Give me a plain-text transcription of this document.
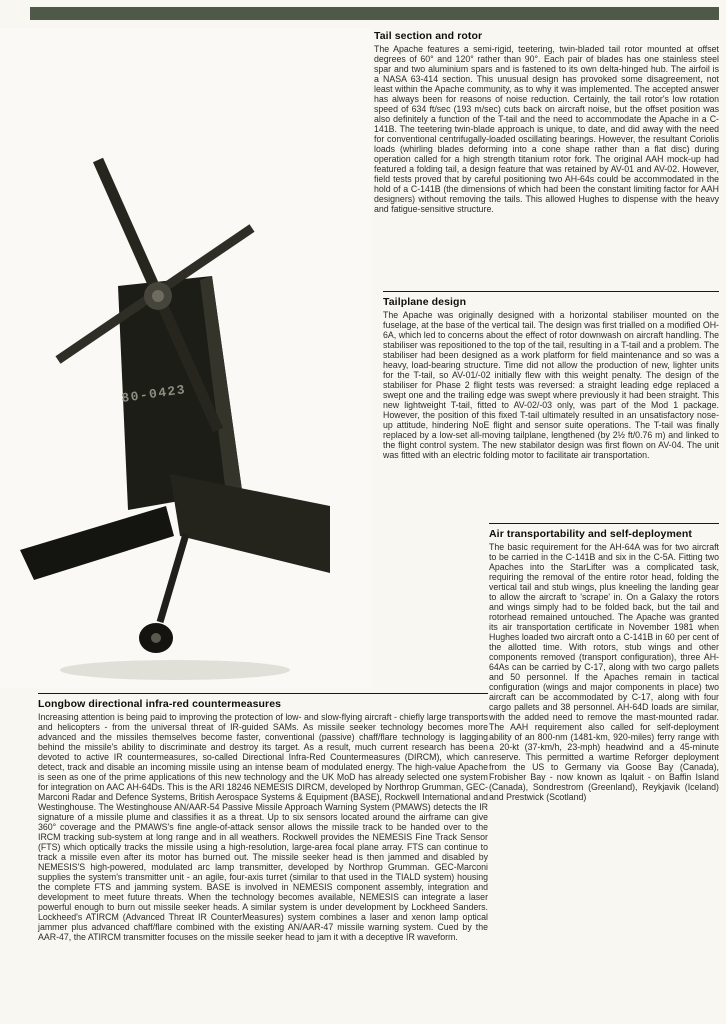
80-0423
Tail section and rotor

The Apache features a semi-rigid, teetering, twin-bladed tail rotor mounted at offset degrees of 60° and 120° rather than 90°. Each pair of blades has one stainless steel spar and two aluminium spars and is fastened to its own delta-hinged hub. The airfoil is a NASA 63-414 section. This unusual design has provoked some disagreement, not least within the Apache community, as to why it was implemented. The accepted answer has always been for reasons of noise reduction. Certainly, the tail rotor's low rotation speed of 634 ft/sec (193 m/sec) cuts back on aircraft noise, but the offset position was also definitely a function of the T-tail and the need to accommodate the Apache in a C-141B. The teetering twin-blade approach is unique, to date, and did away with the need for conventional centrifugally-loaded oscillating bearings. However, the resultant Coriolis loads (whirling blades deforming into a cone shape rather than a flat disc) during operation called for a high strength titanium rotor fork. The original AAH mock-up had featured a folding tail, a design feature that was retained by AV-01 and AV-02. However, field tests proved that by careful positioning two AH-64s could be accommodated in the hold of a C-141B (the dimensions of which had been the constant limiting factor for AAH designers) without removing the tails. This allowed Hughes to dispense with the heavy and fatigue-sensitive structure.

Tailplane design

The Apache was originally designed with a horizontal stabiliser mounted on the fuselage, at the base of the vertical tail. The design was first trialled on a modified OH-6A, which led to concerns about the effect of rotor downwash on aircraft handling. The stabiliser was repositioned to the top of the tail, resulting in a T-tail and a problem. The stabiliser had been designed as a work platform for field maintenance and so was a heavy, load-bearing structure. Time did not allow the production of new, lighter units for the T-tail, so AV-01/-02 initially flew with this weight penalty. The design of the stabiliser for Phase 2 flight tests was reversed: a straight leading edge replaced a swept one and the trailing edge was swept where previously it had been straight. This new lightweight T-tail, fitted to AV-02/-03 only, was part of the Mod 1 package. However, the position of this fixed T-tail ultimately resulted in an unsatisfactory nose-up attitude, hindering NoE flight and sensor suite operations. The T-tail was finally replaced by a low-set all-moving tailplane, lengthened (by 2½ ft/0.76 m) and linked to the flight control system. The new stabilator design was first flown on AV-04. The unit was fitted with an electric folding motor to facilitate air transportation.

Air transportability and self-deployment

The basic requirement for the AH-64A was for two aircraft to be carried in the C-141B and six in the C-5A. Fitting two Apaches into the StarLifter was a complicated task, requiring the removal of the entire rotor head, folding the vertical tail and stub wings, plus kneeling the landing gear to allow the aircraft to 'scrape' in. On a Galaxy the rotors and wings simply had to be folded back, but the tail and rotorhead remained untouched. The Apache was granted its air transportation certificate in November 1981 when Hughes loaded two aircraft onto a C-141B in 60 per cent of the allotted time. With rotors, stub wings and other components removed (transport configuration), three AH-64As can be carried by C-17, along with two cargo pallets and 50 personnel. If the Apaches remain in tactical configuration (wings and major components in place) two aircraft can be accommodated by C-17, along with four cargo pallets and 38 personnel. AH-64D loads are similar, with the added need to remove the mast-mounted radar. The AAH requirement also called for self-deployment ability of an 800-nm (1481-km, 920-miles) ferry range with a 20-kt (37-km/h, 23-mph) headwind and a 45-minute reserve. This permitted a wartime Reforger deployment from the US to Germany via Goose Bay (Canada), Frobisher Bay - now known as Iqaluit - on Baffin Island (Canada), Sondrestrom (Greenland), Reykjavik (Iceland) and Prestwick (Scotland)

Longbow directional infra-red countermeasures

Increasing attention is being paid to improving the protection of low- and slow-flying aircraft - chiefly large transports and helicopters - from the universal threat of IR-guided SAMs. As missile seeker technology becomes more advanced and the missiles themselves become faster, conventional (passive) chaff/flare technology is lagging behind the missile's ability to discriminate and destroy its target. As a result, much current research has been devoted to active IR countermeasures, so-called Directional Infra-Red Countermeasures (DIRCM), which can detect, track and disable an incoming missile using an intense beam of modulated energy. The high-value Apache is seen as one of the prime applications of this new technology and the UK MoD has already selected one system for integration on AAC AH-64Ds. This is the ARI 18246 NEMESIS DIRCM, developed by Northrop Grumman, GEC-Marconi Radar and Defence Systems, British Aerospace Systems & Equipment (BASE), Rockwell International and Westinghouse. The Westinghouse AN/AAR-54 Passive Missile Approach Warning System (PMAWS) detects the IR signature of a missile plume and classifies it as a threat. Up to six sensors located around the airframe can give 360° coverage and the PMAWS's fine angle-of-attack sensor allows the missile track to be handed over to the IRCM tracking sub-system at long range and in all weathers. Rockwell provides the NEMESIS Fine Track Sensor (FTS) which optically tracks the missile using a high-resolution, large-area focal plane array. FTS can continue to track a missile even after its motor has burned out. The missile seeker head is then jammed and disabled by NEMESIS'S high-powered, modulated arc lamp transmitter, developed by Northrop Grumman. GEC-Marconi supplies the system's transmitter unit - an agile, four-axis turret (similar to that used in the TIALD system) housing the complete FTS and jamming system. BASE is involved in NEMESIS component assembly, integration and development to meet future threats. When the technology becomes available, NEMESIS can integrate a laser powerful enough to burn out missile seeker heads. A similar system is under development by Lockheed Sanders. Lockheed's ATIRCM (Advanced Threat IR CounterMeasures) system combines a laser and xenon lamp optical jammer plus advanced chaff/flare combined with the existing AN/AAR-47 missile warning system. Cued by the AAR-47, the ATIRCM transmitter focuses on the missile seeker head to jam it with a deceptive IR waveform.
